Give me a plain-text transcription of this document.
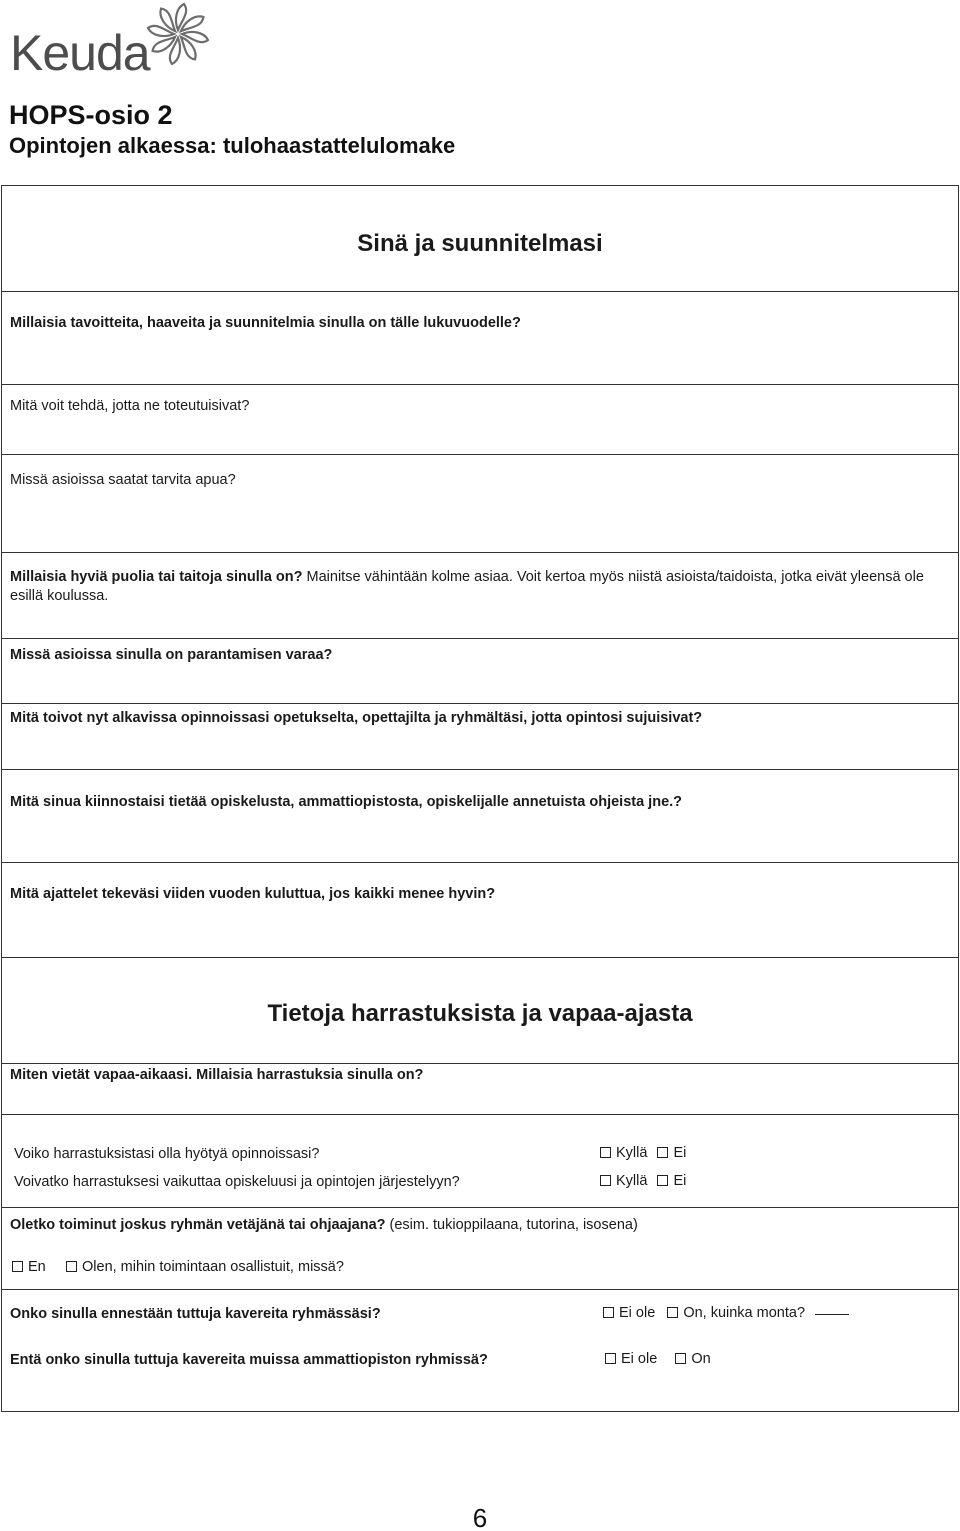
Keuda
HOPS-osio 2
Opintojen alkaessa: tulohaastattelulomake
Sinä ja suunnitelmasi
Millaisia tavoitteita, haaveita ja suunnitelmia sinulla on tälle lukuvuodelle?
Mitä voit tehdä, jotta ne toteutuisivat?
Missä asioissa saatat tarvita apua?
Millaisia hyviä puolia tai taitoja sinulla on? Mainitse vähintään kolme asiaa. Voit kertoa myös niistä asioista/taidoista, jotka eivät yleensä ole esillä koulussa.
Missä asioissa sinulla on parantamisen varaa?
Mitä toivot nyt alkavissa opinnoissasi opetukselta, opettajilta ja ryhmältäsi, jotta opintosi sujuisivat?
Mitä sinua kiinnostaisi tietää opiskelusta, ammattiopistosta, opiskelijalle annetuista ohjeista jne.?
Mitä ajattelet tekeväsi viiden vuoden kuluttua, jos kaikki menee hyvin?
Tietoja harrastuksista ja vapaa-ajasta
Miten vietät vapaa-aikaasi. Millaisia harrastuksia sinulla on?
Voiko harrastuksistasi olla hyötyä opinnoissasi?	Kyllä Ei
Voivatko harrastuksesi vaikuttaa opiskeluusi ja opintojen järjestelyyn?	Kyllä Ei
Oletko toiminut joskus ryhmän vetäjänä tai ohjaajana? (esim. tukioppilaana, tutorina, isosena)
En	Olen, mihin toimintaan osallistuit, missä?
Onko sinulla ennestään tuttuja kavereita ryhmässäsi?	Ei ole On, kuinka monta?
Entä onko sinulla tuttuja kavereita muissa ammattiopiston ryhmissä?	Ei ole On
6
